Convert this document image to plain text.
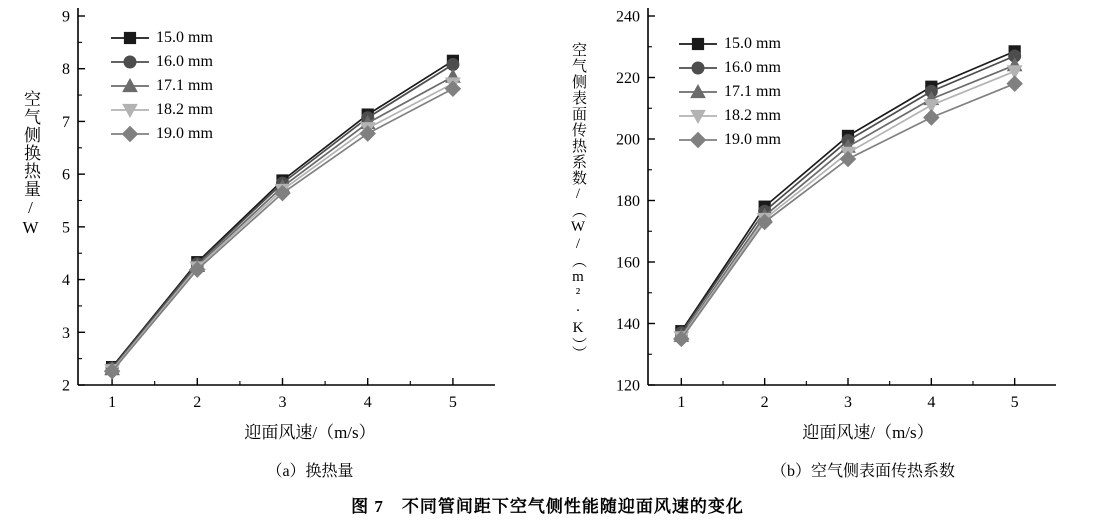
2
3
4
5
6
7
8
9
1	2	3	4	5
空气侧换热量/W
迎面风速/（m/s）
（a）换热量
15.0 mm
16.0 mm
17.1 mm
18.2 mm
19.0 mm
120
140
160
180
200
220
240
1	2	3	4	5
空气侧表面传热系数/（W/（m²·K））
迎面风速/（m/s）
（b）空气侧表面传热系数
15.0 mm
16.0 mm
17.1 mm
18.2 mm
19.0 mm
图 7　不同管间距下空气侧性能随迎面风速的变化
